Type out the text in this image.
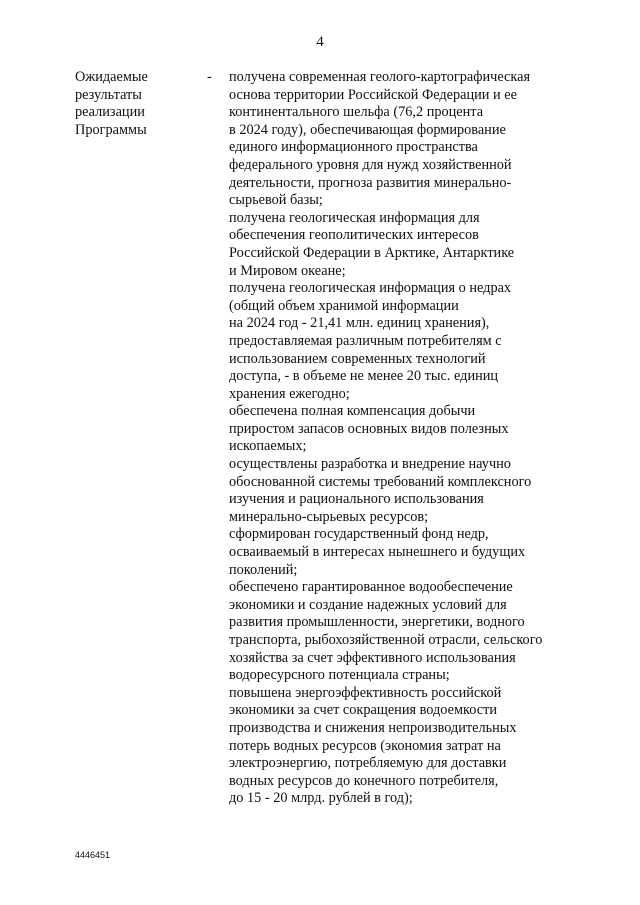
4
Ожидаемые
результаты
реализации
Программы
- получена современная геолого-картографическая
основа территории Российской Федерации и ее
континентального шельфа (76,2 процента
в 2024 году), обеспечивающая формирование
единого информационного пространства
федерального уровня для нужд хозяйственной
деятельности, прогноза развития минерально-
сырьевой базы;
получена геологическая информация для
обеспечения геополитических интересов
Российской Федерации в Арктике, Антарктике
и Мировом океане;
получена геологическая информация о недрах
(общий объем хранимой информации
на 2024 год - 21,41 млн. единиц хранения),
предоставляемая различным потребителям с
использованием современных технологий
доступа, - в объеме не менее 20 тыс. единиц
хранения ежегодно;
обеспечена полная компенсация добычи
приростом запасов основных видов полезных
ископаемых;
осуществлены разработка и внедрение научно
обоснованной системы требований комплексного
изучения и рационального использования
минерально-сырьевых ресурсов;
сформирован государственный фонд недр,
осваиваемый в интересах нынешнего и будущих
поколений;
обеспечено гарантированное водообеспечение
экономики и создание надежных условий для
развития промышленности, энергетики, водного
транспорта, рыбохозяйственной отрасли, сельского
хозяйства за счет эффективного использования
водоресурсного потенциала страны;
повышена энергоэффективность российской
экономики за счет сокращения водоемкости
производства и снижения непроизводительных
потерь водных ресурсов (экономия затрат на
электроэнергию, потребляемую для доставки
водных ресурсов до конечного потребителя,
до 15 - 20 млрд. рублей в год);
4446451
